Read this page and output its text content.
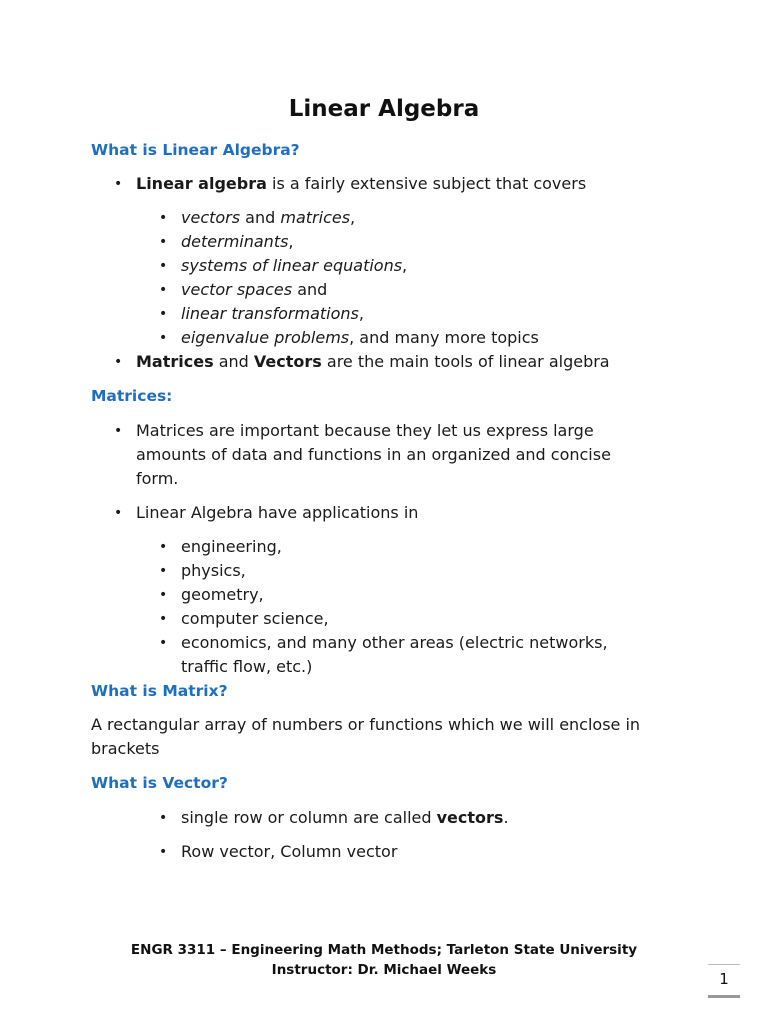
Linear Algebra
What is Linear Algebra?
• Linear algebra is a fairly extensive subject that covers
• vectors and matrices,
• determinants,
• systems of linear equations,
• vector spaces and
• linear transformations,
• eigenvalue problems, and many more topics
• Matrices and Vectors are the main tools of linear algebra
Matrices:
• Matrices are important because they let us express large
amounts of data and functions in an organized and concise
form.
• Linear Algebra have applications in
• engineering,
• physics,
• geometry,
• computer science,
• economics, and many other areas (electric networks,
traffic flow, etc.)
What is Matrix?
A rectangular array of numbers or functions which we will enclose in
brackets
What is Vector?
• single row or column are called vectors.
• Row vector, Column vector
ENGR 3311 – Engineering Math Methods; Tarleton State University
Instructor: Dr. Michael Weeks	1
